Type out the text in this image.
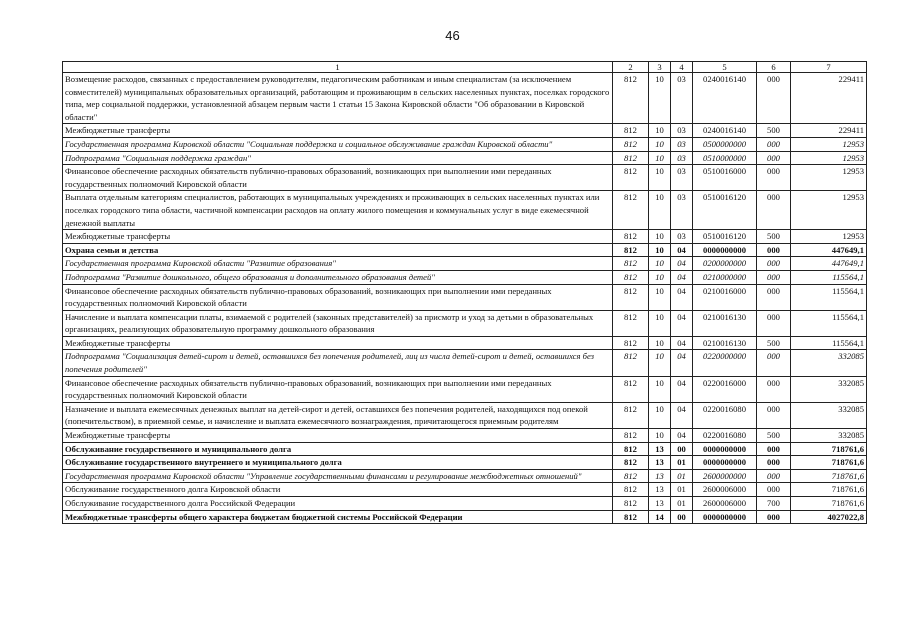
46
1	2	3	4	5	6	7
Возмещение расходов, связанных с предоставлением руководителям, педагогическим работникам и иным специалистам (за исключением совместителей) муниципальных образовательных организаций, работающим и проживающим в сельских населенных пунктах, поселках городского типа, мер социальной поддержки, установленной абзацем первым части 1 статьи 15 Закона Кировской области "Об образовании в Кировской области"	812	10	03	0240016140	000	229411
Межбюджетные трансферты	812	10	03	0240016140	500	229411
Государственная программа Кировской области "Социальная поддержка и социальное обслуживание граждан Кировской области"	812	10	03	0500000000	000	12953
Подпрограмма "Социальная поддержка граждан"	812	10	03	0510000000	000	12953
Финансовое обеспечение расходных обязательств публично-правовых образований, возникающих при выполнении ими переданных государственных полномочий Кировской области	812	10	03	0510016000	000	12953
Выплата отдельным категориям специалистов, работающих в муниципальных учреждениях и проживающих в сельских населенных пунктах или поселках городского типа области, частичной компенсации расходов на оплату жилого помещения и коммунальных услуг в виде ежемесячной денежной выплаты	812	10	03	0510016120	000	12953
Межбюджетные трансферты	812	10	03	0510016120	500	12953
Охрана семьи и детства	812	10	04	0000000000	000	447649,1
Государственная программа Кировской области "Развитие образования"	812	10	04	0200000000	000	447649,1
Подпрограмма "Развитие дошкольного, общего образования и дополнительного образования детей"	812	10	04	0210000000	000	115564,1
Финансовое обеспечение расходных обязательств публично-правовых образований, возникающих при выполнении ими переданных государственных полномочий Кировской области	812	10	04	0210016000	000	115564,1
Начисление и выплата компенсации платы, взимаемой с родителей (законных представителей) за присмотр и уход за детьми в образовательных организациях, реализующих образовательную программу дошкольного образования	812	10	04	0210016130	000	115564,1
Межбюджетные трансферты	812	10	04	0210016130	500	115564,1
Подпрограмма "Социализация детей-сирот и детей, оставшихся без попечения родителей, лиц из числа детей-сирот и детей, оставшихся без попечения родителей"	812	10	04	0220000000	000	332085
Финансовое обеспечение расходных обязательств публично-правовых образований, возникающих при выполнении ими переданных государственных полномочий Кировской области	812	10	04	0220016000	000	332085
Назначение и выплата ежемесячных денежных выплат на детей-сирот и детей, оставшихся без попечения родителей, находящихся под опекой (попечительством), в приемной семье, и начисление и выплата ежемесячного вознаграждения, причитающегося приемным родителям	812	10	04	0220016080	000	332085
Межбюджетные трансферты	812	10	04	0220016080	500	332085
Обслуживание государственного и муниципального долга	812	13	00	0000000000	000	718761,6
Обслуживание государственного внутреннего и муниципального долга	812	13	01	0000000000	000	718761,6
Государственная программа Кировской области "Управление государственными финансами и регулирование межбюджетных отношений"	812	13	01	2600000000	000	718761,6
Обслуживание государственного долга Кировской области	812	13	01	2600006000	000	718761,6
Обслуживание государственного долга Российской Федерации	812	13	01	2600006000	700	718761,6
Межбюджетные трансферты общего характера бюджетам бюджетной системы Российской Федерации	812	14	00	0000000000	000	4027022,8
